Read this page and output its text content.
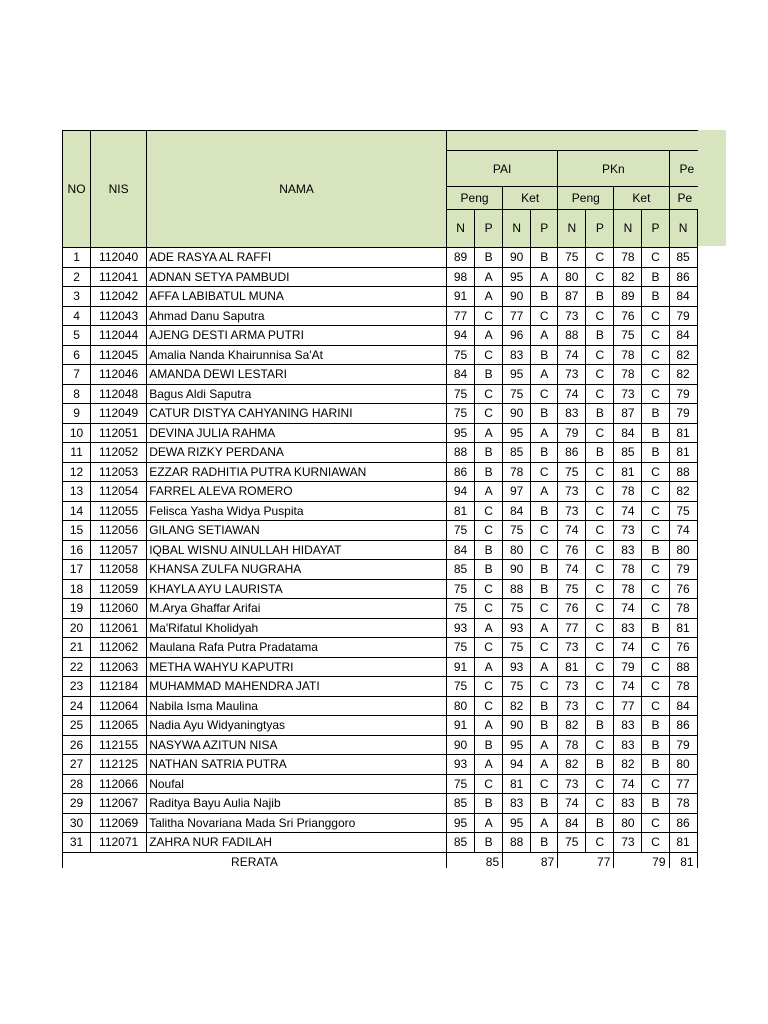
NO	NIS	NAMA												
			PAI				PKn				Pe			
			Peng		Ket		Peng		Ket		Pe			
			N	P	N	P	N	P	N	P	N			
1	112040	ADE RASYA AL RAFFI	89	B	90	B	75	C	78	C	85			
2	112041	ADNAN SETYA PAMBUDI	98	A	95	A	80	C	82	B	86			
3	112042	AFFA LABIBATUL MUNA	91	A	90	B	87	B	89	B	84			
4	112043	Ahmad Danu Saputra	77	C	77	C	73	C	76	C	79			
5	112044	AJENG DESTI ARMA PUTRI	94	A	96	A	88	B	75	C	84			
6	112045	Amalia Nanda Khairunnisa Sa'At	75	C	83	B	74	C	78	C	82			
7	112046	AMANDA DEWI LESTARI	84	B	95	A	73	C	78	C	82			
8	112048	Bagus Aldi Saputra	75	C	75	C	74	C	73	C	79			
9	112049	CATUR DISTYA CAHYANING HARINI	75	C	90	B	83	B	87	B	79			
10	112051	DEVINA JULIA RAHMA	95	A	95	A	79	C	84	B	81			
11	112052	DEWA RIZKY PERDANA	88	B	85	B	86	B	85	B	81			
12	112053	EZZAR RADHITIA PUTRA KURNIAWAN	86	B	78	C	75	C	81	C	88			
13	112054	FARREL ALEVA ROMERO	94	A	97	A	73	C	78	C	82			
14	112055	Felisca Yasha Widya Puspita	81	C	84	B	73	C	74	C	75			
15	112056	GILANG SETIAWAN	75	C	75	C	74	C	73	C	74			
16	112057	IQBAL WISNU AINULLAH HIDAYAT	84	B	80	C	76	C	83	B	80			
17	112058	KHANSA ZULFA NUGRAHA	85	B	90	B	74	C	78	C	79			
18	112059	KHAYLA AYU LAURISTA	75	C	88	B	75	C	78	C	76			
19	112060	M.Arya Ghaffar Arifai	75	C	75	C	76	C	74	C	78			
20	112061	Ma'Rifatul Kholidyah	93	A	93	A	77	C	83	B	81			
21	112062	Maulana Rafa Putra Pradatama	75	C	75	C	73	C	74	C	76			
22	112063	METHA WAHYU KAPUTRI	91	A	93	A	81	C	79	C	88			
23	112184	MUHAMMAD MAHENDRA JATI	75	C	75	C	73	C	74	C	78			
24	112064	Nabila Isma Maulina	80	C	82	B	73	C	77	C	84			
25	112065	Nadia Ayu Widyaningtyas	91	A	90	B	82	B	83	B	86			
26	112155	NASYWA AZITUN NISA	90	B	95	A	78	C	83	B	79			
27	112125	NATHAN SATRIA PUTRA	93	A	94	A	82	B	82	B	80			
28	112066	Noufal	75	C	81	C	73	C	74	C	77			
29	112067	Raditya Bayu Aulia Najib	85	B	83	B	74	C	83	B	78			
30	112069	Talitha Novariana Mada Sri Prianggoro	95	A	95	A	84	B	80	C	86			
31	112071	ZAHRA NUR FADILAH	85	B	88	B	75	C	73	C	81			
RERATA			85		87		77		79		81			
